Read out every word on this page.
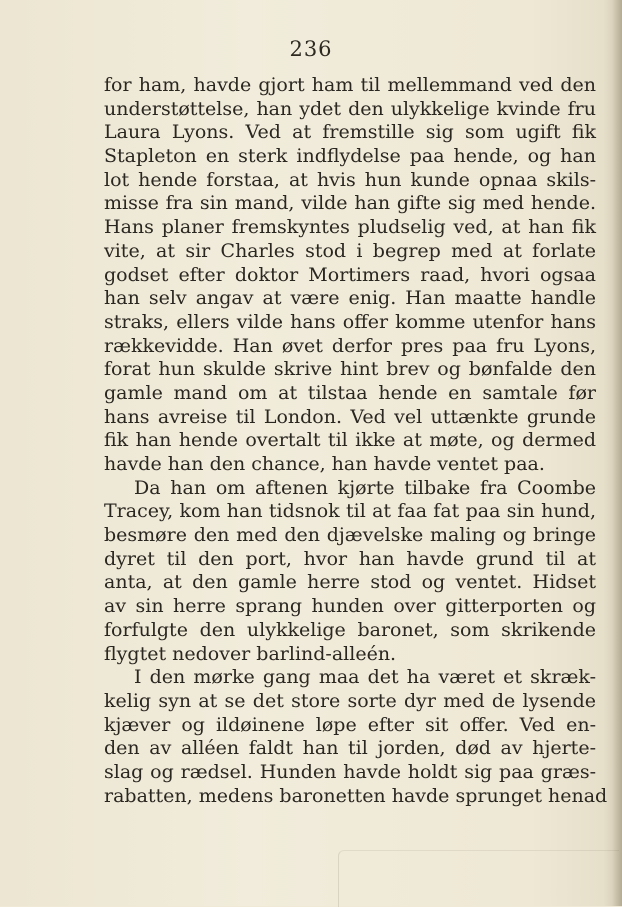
236
for ham, havde gjort ham til mellemmand ved den
understøttelse, han ydet den ulykkelige kvinde fru
Laura Lyons. Ved at fremstille sig som ugift fik
Stapleton en sterk indflydelse paa hende, og han
lot hende forstaa, at hvis hun kunde opnaa skils-
misse fra sin mand, vilde han gifte sig med hende.
Hans planer fremskyntes pludselig ved, at han fik
vite, at sir Charles stod i begrep med at forlate
godset efter doktor Mortimers raad, hvori ogsaa
han selv angav at være enig. Han maatte handle
straks, ellers vilde hans offer komme utenfor hans
rækkevidde. Han øvet derfor pres paa fru Lyons,
forat hun skulde skrive hint brev og bønfalde den
gamle mand om at tilstaa hende en samtale før
hans avreise til London. Ved vel uttænkte grunde
fik han hende overtalt til ikke at møte, og dermed
havde han den chance, han havde ventet paa.
Da han om aftenen kjørte tilbake fra Coombe
Tracey, kom han tidsnok til at faa fat paa sin hund,
besmøre den med den djævelske maling og bringe
dyret til den port, hvor han havde grund til at
anta, at den gamle herre stod og ventet. Hidset
av sin herre sprang hunden over gitterporten og
forfulgte den ulykkelige baronet, som skrikende
flygtet nedover barlind-alleén.
I den mørke gang maa det ha været et skræk-
kelig syn at se det store sorte dyr med de lysende
kjæver og ildøinene løpe efter sit offer. Ved en-
den av alléen faldt han til jorden, død av hjerte-
slag og rædsel. Hunden havde holdt sig paa græs-
rabatten, medens baronetten havde sprunget henad
